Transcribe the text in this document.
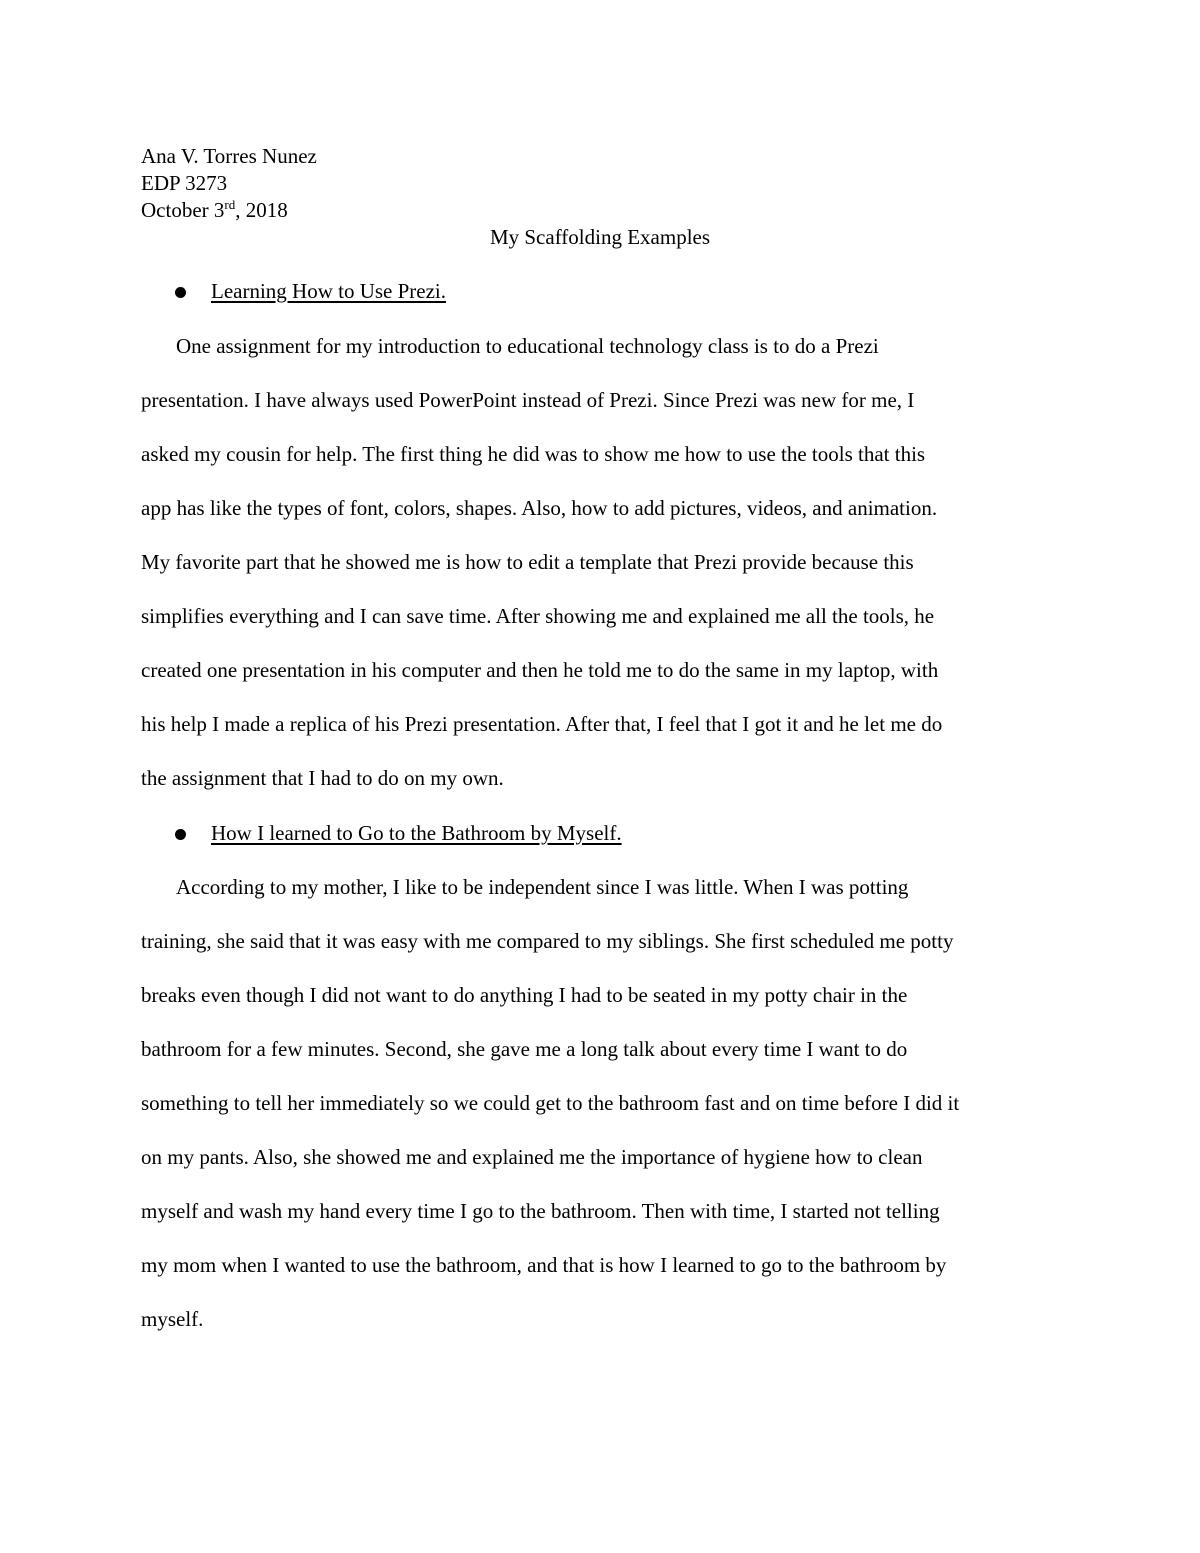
Ana V. Torres Nunez
EDP 3273
October 3rd, 2018
My Scaffolding Examples
Learning How to Use Prezi.
One assignment for my introduction to educational technology class is to do a Prezi
presentation. I have always used PowerPoint instead of Prezi. Since Prezi was new for me, I
asked my cousin for help. The first thing he did was to show me how to use the tools that this
app has like the types of font, colors, shapes. Also, how to add pictures, videos, and animation.
My favorite part that he showed me is how to edit a template that Prezi provide because this
simplifies everything and I can save time. After showing me and explained me all the tools, he
created one presentation in his computer and then he told me to do the same in my laptop, with
his help I made a replica of his Prezi presentation. After that, I feel that I got it and he let me do
the assignment that I had to do on my own.
How I learned to Go to the Bathroom by Myself.
According to my mother, I like to be independent since I was little. When I was potting
training, she said that it was easy with me compared to my siblings. She first scheduled me potty
breaks even though I did not want to do anything I had to be seated in my potty chair in the
bathroom for a few minutes. Second, she gave me a long talk about every time I want to do
something to tell her immediately so we could get to the bathroom fast and on time before I did it
on my pants. Also, she showed me and explained me the importance of hygiene how to clean
myself and wash my hand every time I go to the bathroom. Then with time, I started not telling
my mom when I wanted to use the bathroom, and that is how I learned to go to the bathroom by
myself.
